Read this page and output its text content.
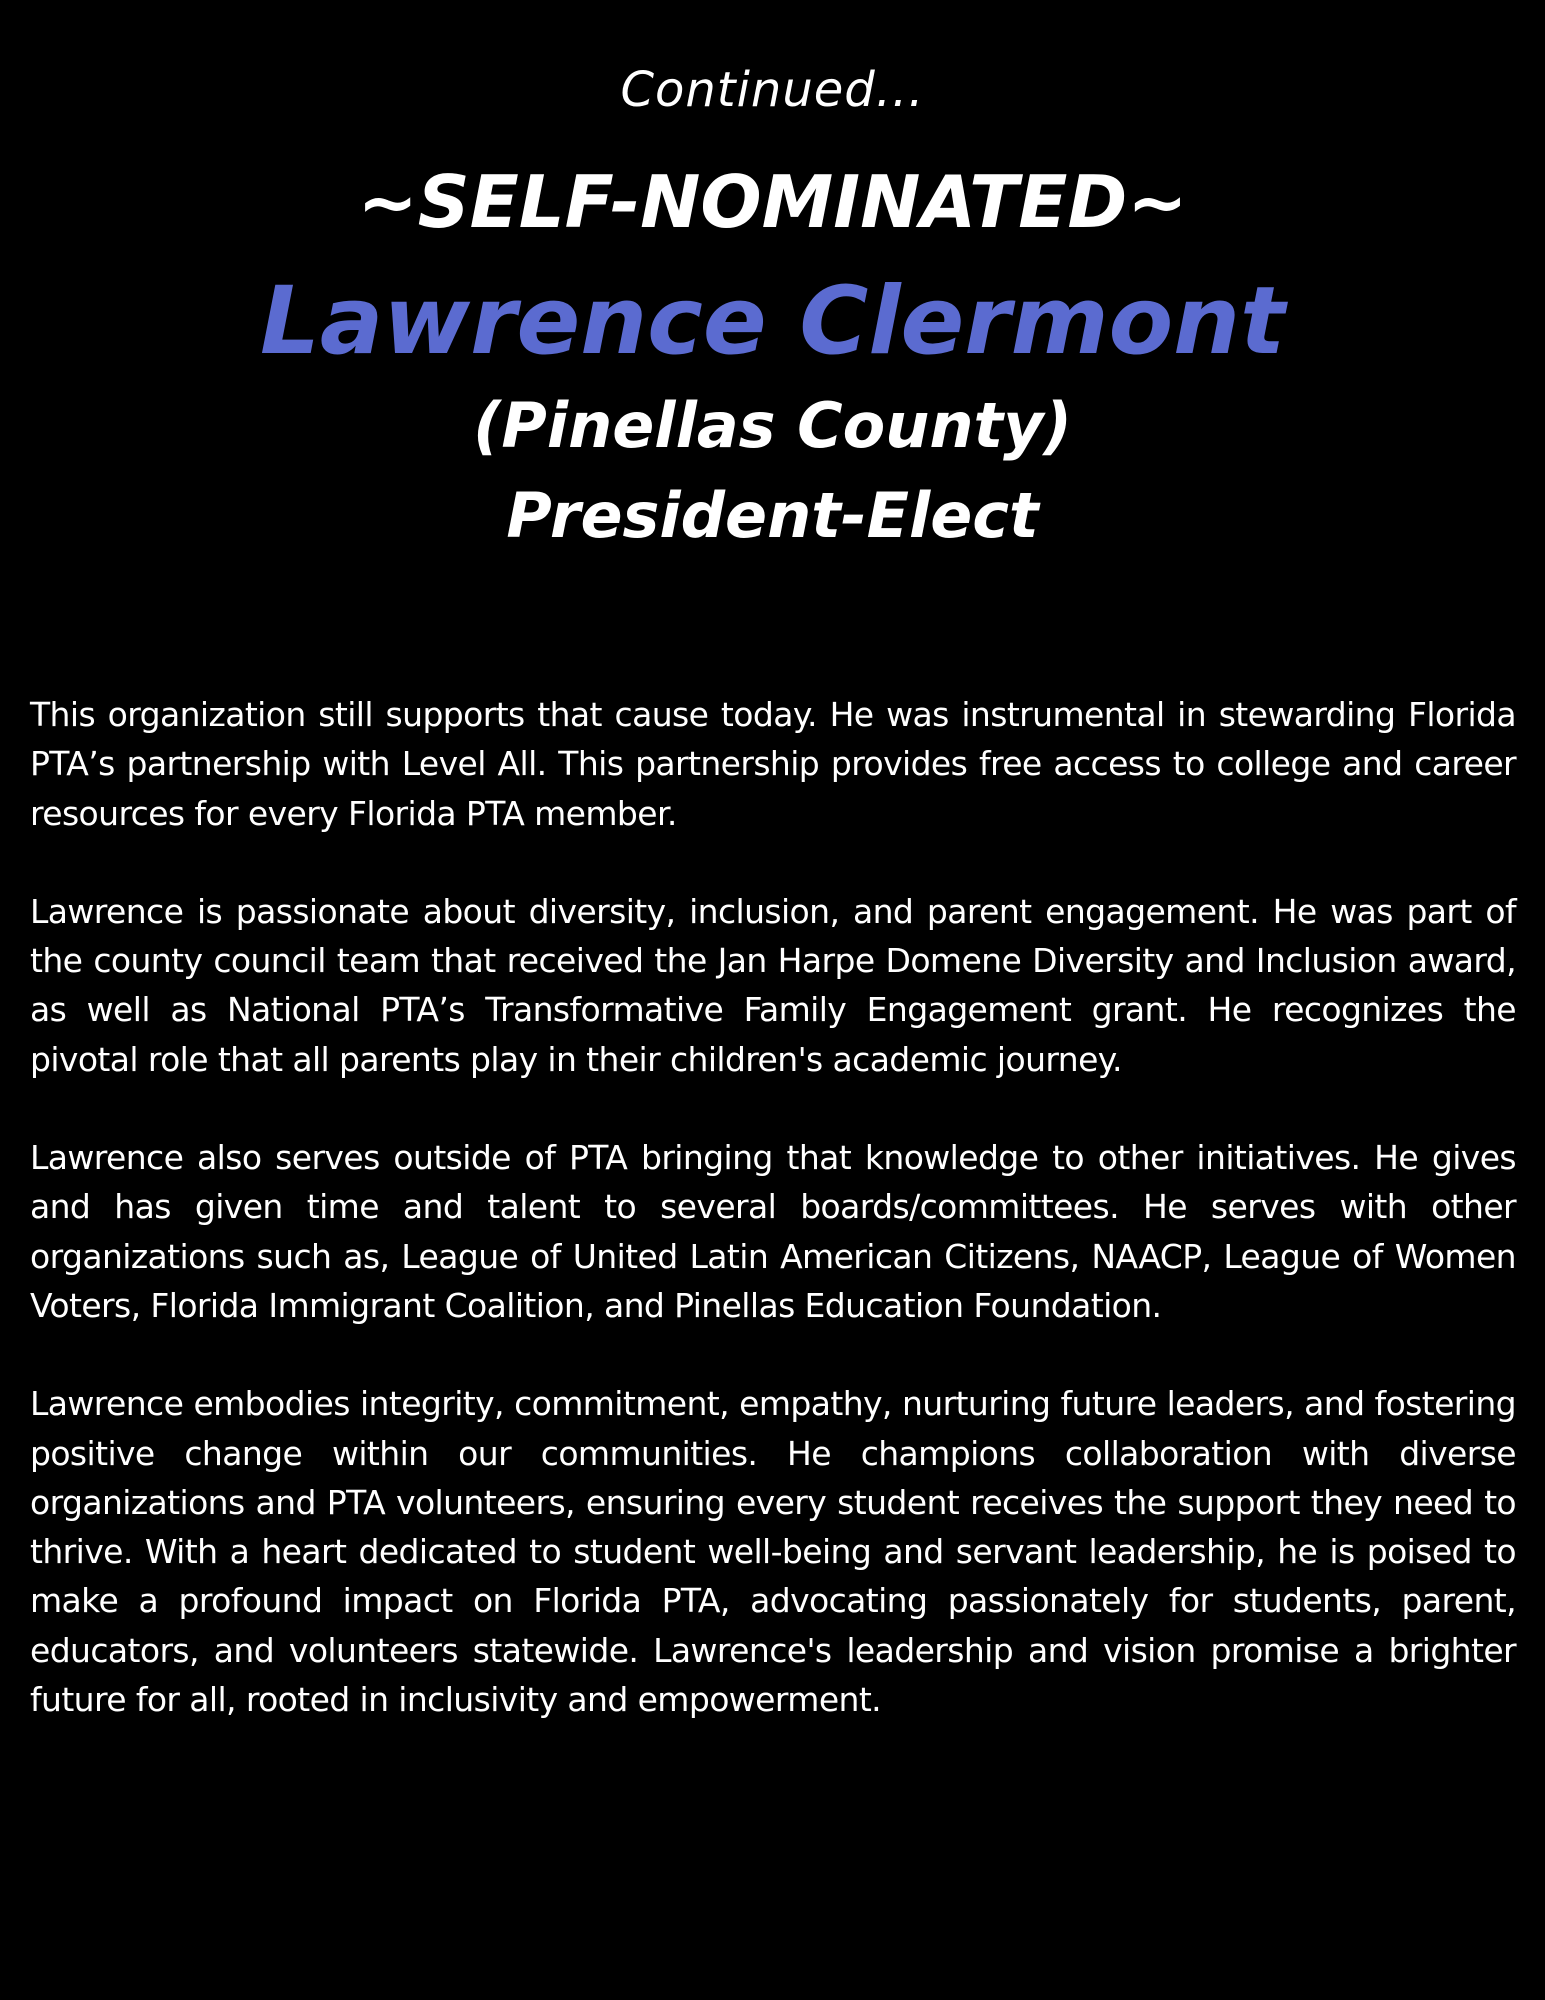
Continued...
~SELF-NOMINATED~
Lawrence Clermont
(Pinellas County)
President-Elect

This organization still supports that cause today. He was instrumental in stewarding Florida PTA’s partnership with Level All. This partnership provides free access to college and career resources for every Florida PTA member.

Lawrence is passionate about diversity, inclusion, and parent engagement. He was part of the county council team that received the Jan Harpe Domene Diversity and Inclusion award, as well as National PTA’s Transformative Family Engagement grant. He recognizes the pivotal role that all parents play in their children's academic journey.

Lawrence also serves outside of PTA bringing that knowledge to other initiatives. He gives and has given time and talent to several boards/committees. He serves with other organizations such as, League of United Latin American Citizens, NAACP, League of Women Voters, Florida Immigrant Coalition, and Pinellas Education Foundation.

Lawrence embodies integrity, commitment, empathy, nurturing future leaders, and fostering positive change within our communities. He champions collaboration with diverse organizations and PTA volunteers, ensuring every student receives the support they need to thrive. With a heart dedicated to student well-being and servant leadership, he is poised to make a profound impact on Florida PTA, advocating passionately for students, parent, educators, and volunteers statewide. Lawrence's leadership and vision promise a brighter future for all, rooted in inclusivity and empowerment.
